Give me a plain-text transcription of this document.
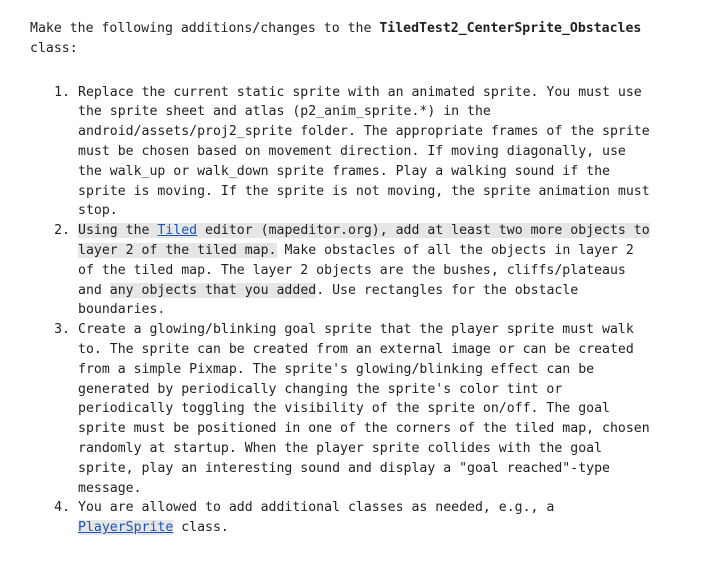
Make the following additions/changes to the TiledTest2_CenterSprite_Obstacles class:

1. Replace the current static sprite with an animated sprite. You must use the sprite sheet and atlas (p2_anim_sprite.*) in the android/assets/proj2_sprite folder. The appropriate frames of the sprite must be chosen based on movement direction. If moving diagonally, use the walk_up or walk_down sprite frames. Play a walking sound if the sprite is moving. If the sprite is not moving, the sprite animation must stop.
2. Using the Tiled editor (mapeditor.org), add at least two more objects to layer 2 of the tiled map. Make obstacles of all the objects in layer 2 of the tiled map. The layer 2 objects are the bushes, cliffs/plateaus and any objects that you added. Use rectangles for the obstacle boundaries.
3. Create a glowing/blinking goal sprite that the player sprite must walk to. The sprite can be created from an external image or can be created from a simple Pixmap. The sprite's glowing/blinking effect can be generated by periodically changing the sprite's color tint or periodically toggling the visibility of the sprite on/off. The goal sprite must be positioned in one of the corners of the tiled map, chosen randomly at startup. When the player sprite collides with the goal sprite, play an interesting sound and display a "goal reached"-type message.
4. You are allowed to add additional classes as needed, e.g., a PlayerSprite class.
